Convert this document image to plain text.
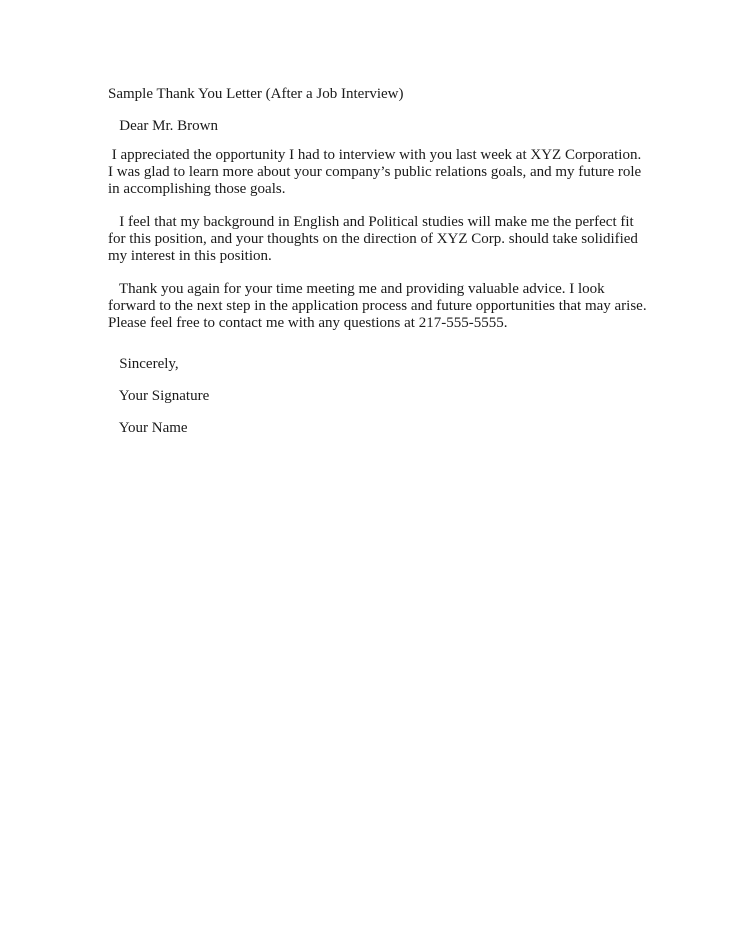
Sample Thank You Letter (After a Job Interview)
Dear Mr. Brown
I appreciated the opportunity I had to interview with you last week at XYZ Corporation.
I was glad to learn more about your company’s public relations goals, and my future role
in accomplishing those goals.
I feel that my background in English and Political studies will make me the perfect fit
for this position, and your thoughts on the direction of XYZ Corp. should take solidified
my interest in this position.
Thank you again for your time meeting me and providing valuable advice. I look
forward to the next step in the application process and future opportunities that may arise.
Please feel free to contact me with any questions at 217-555-5555.
Sincerely,
Your Signature
Your Name
